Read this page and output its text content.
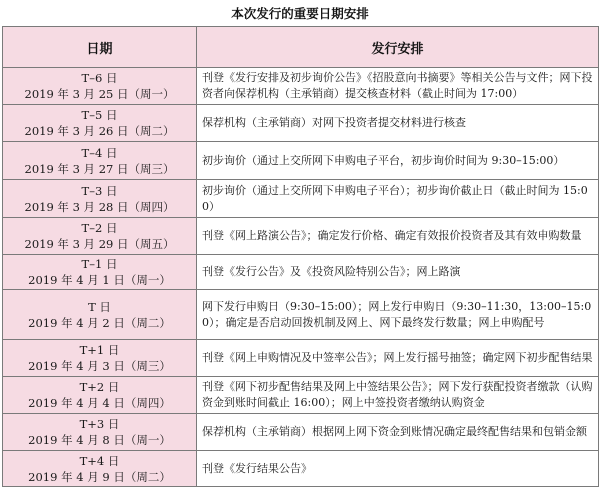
本次发行的重要日期安排
日期	发行安排

T–6 日
2019 年 3 月 25 日（周一）	刊登《发行安排及初步询价公告》《招股意向书摘要》等相关公告与文件；网下投资者向保荐机构（主承销商）提交核查材料（截止时间为 17:00）

T–5 日
2019 年 3 月 26 日（周二）	保荐机构（主承销商）对网下投资者提交材料进行核查

T–4 日
2019 年 3 月 27 日（周三）	初步询价（通过上交所网下申购电子平台，初步询价时间为 9:30–15:00）

T–3 日
2019 年 3 月 28 日（周四）	初步询价（通过上交所网下申购电子平台）；初步询价截止日（截止时间为 15:00）

T–2 日
2019 年 3 月 29 日（周五）	刊登《网上路演公告》；确定发行价格、确定有效报价投资者及其有效申购数量

T–1 日
2019 年 4 月 1 日（周一）	刊登《发行公告》及《投资风险特别公告》；网上路演

T 日
2019 年 4 月 2 日（周二）	网下发行申购日（9:30–15:00）；网上发行申购日（9:30–11:30，13:00–15:00）；确定是否启动回拨机制及网上、网下最终发行数量；网上申购配号

T+1 日
2019 年 4 月 3 日（周三）	刊登《网上申购情况及中签率公告》；网上发行摇号抽签；确定网下初步配售结果

T+2 日
2019 年 4 月 4 日（周四）	刊登《网下初步配售结果及网上中签结果公告》；网下发行获配投资者缴款（认购资金到账时间截止 16:00）；网上中签投资者缴纳认购资金

T+3 日
2019 年 4 月 8 日（周一）	保荐机构（主承销商）根据网上网下资金到账情况确定最终配售结果和包销金额

T+4 日
2019 年 4 月 9 日（周二）	刊登《发行结果公告》
